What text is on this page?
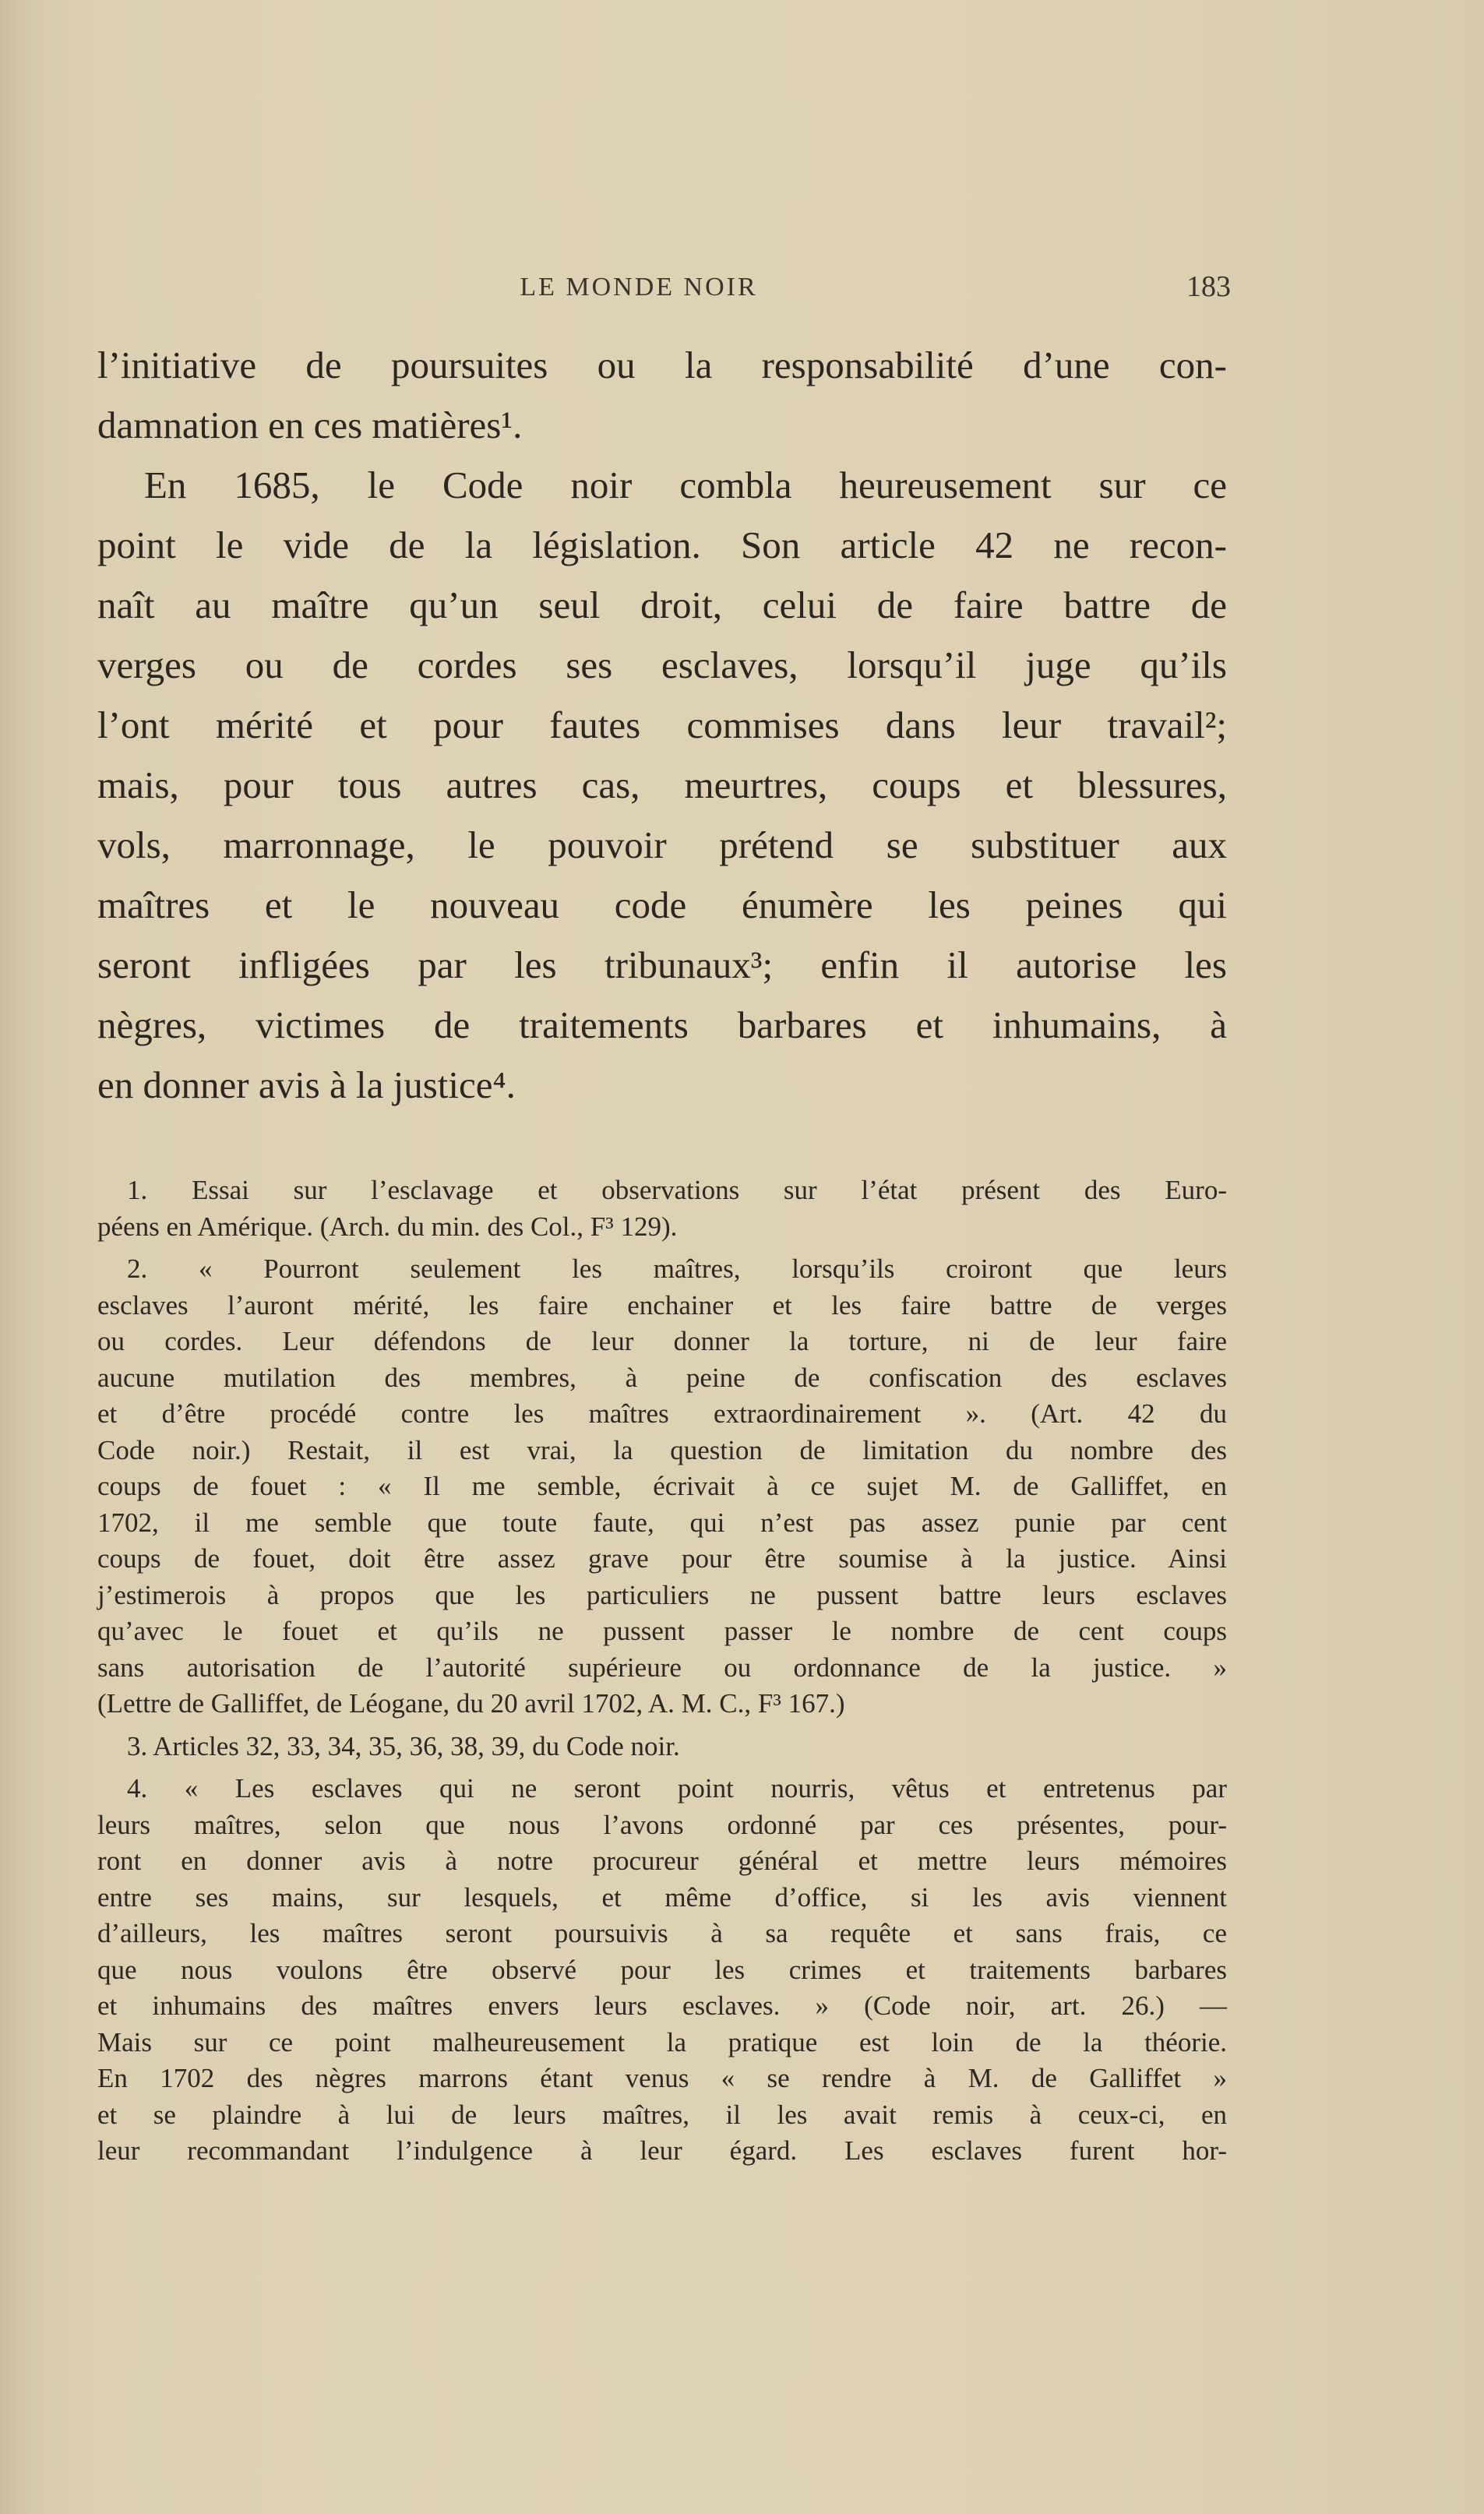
LE MONDE NOIR	183
l’initiative de poursuites ou la responsabilité d’une con-
damnation en ces matières¹.
En 1685, le Code noir combla heureusement sur ce
point le vide de la législation. Son article 42 ne recon-
naît au maître qu’un seul droit, celui de faire battre de
verges ou de cordes ses esclaves, lorsqu’il juge qu’ils
l’ont mérité et pour fautes commises dans leur travail²;
mais, pour tous autres cas, meurtres, coups et blessures,
vols, marronnage, le pouvoir prétend se substituer aux
maîtres et le nouveau code énumère les peines qui
seront infligées par les tribunaux³; enfin il autorise les
nègres, victimes de traitements barbares et inhumains, à
en donner avis à la justice⁴.
1. Essai sur l’esclavage et observations sur l’état présent des Euro-
péens en Amérique. (Arch. du min. des Col., F³ 129).
2. « Pourront seulement les maîtres, lorsqu’ils croiront que leurs
esclaves l’auront mérité, les faire enchainer et les faire battre de verges
ou cordes. Leur défendons de leur donner la torture, ni de leur faire
aucune mutilation des membres, à peine de confiscation des esclaves
et d’être procédé contre les maîtres extraordinairement ». (Art. 42 du
Code noir.) Restait, il est vrai, la question de limitation du nombre des
coups de fouet : « Il me semble, écrivait à ce sujet M. de Galliffet, en
1702, il me semble que toute faute, qui n’est pas assez punie par cent
coups de fouet, doit être assez grave pour être soumise à la justice. Ainsi
j’estimerois à propos que les particuliers ne pussent battre leurs esclaves
qu’avec le fouet et qu’ils ne pussent passer le nombre de cent coups
sans autorisation de l’autorité supérieure ou ordonnance de la justice. »
(Lettre de Galliffet, de Léogane, du 20 avril 1702, A. M. C., F³ 167.)
3. Articles 32, 33, 34, 35, 36, 38, 39, du Code noir.
4. « Les esclaves qui ne seront point nourris, vêtus et entretenus par
leurs maîtres, selon que nous l’avons ordonné par ces présentes, pour-
ront en donner avis à notre procureur général et mettre leurs mémoires
entre ses mains, sur lesquels, et même d’office, si les avis viennent
d’ailleurs, les maîtres seront poursuivis à sa requête et sans frais, ce
que nous voulons être observé pour les crimes et traitements barbares
et inhumains des maîtres envers leurs esclaves. » (Code noir, art. 26.) —
Mais sur ce point malheureusement la pratique est loin de la théorie.
En 1702 des nègres marrons étant venus « se rendre à M. de Galliffet »
et se plaindre à lui de leurs maîtres, il les avait remis à ceux-ci, en
leur recommandant l’indulgence à leur égard. Les esclaves furent hor-
